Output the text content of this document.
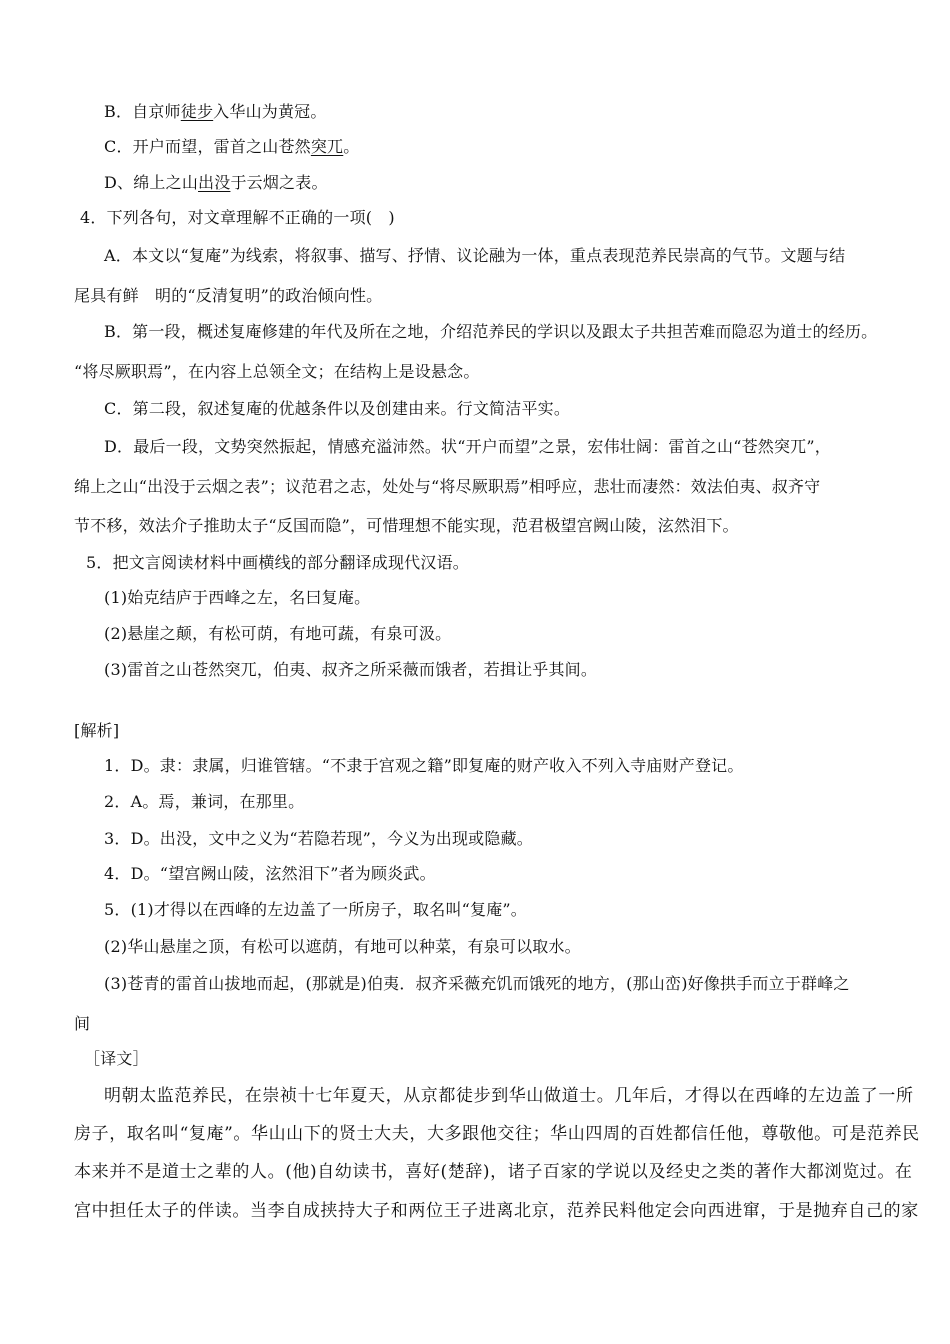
B．自京师徒步入华山为黄冠。
C．开户而望，雷首之山苍然突兀。
D、绵上之山出没于云烟之表。
4．下列各句，对文章理解不正确的一项(　)
A．本文以“复庵”为线索，将叙事、描写、抒情、议论融为一体，重点表现范养民崇高的气节。文题与结
尾具有鲜　明的“反清复明”的政治倾向性。
B．第一段，概述复庵修建的年代及所在之地，介绍范养民的学识以及跟太子共担苦难而隐忍为道士的经历。
“将尽厥职焉”，在内容上总领全文；在结构上是设悬念。
C．第二段，叙述复庵的优越条件以及创建由来。行文简洁平实。
D．最后一段，文势突然振起，情感充溢沛然。状“开户而望”之景，宏伟壮阔：雷首之山“苍然突兀”，
绵上之山“出没于云烟之表”；议范君之志，处处与“将尽厥职焉”相呼应，悲壮而凄然：效法伯夷、叔齐守
节不移，效法介子推助太子“反国而隐”，可惜理想不能实现，范君极望宫阙山陵，泫然泪下。
5．把文言阅读材料中画横线的部分翻译成现代汉语。
(1)始克结庐于西峰之左，名曰复庵。
(2)悬崖之颠，有松可荫，有地可蔬，有泉可汲。
(3)雷首之山苍然突兀，伯夷、叔齐之所采薇而饿者，若揖让乎其间。
[解析]
1．D。隶：隶属，归谁管辖。“不隶于宫观之籍”即复庵的财产收入不列入寺庙财产登记。
2．A。焉，兼词，在那里。
3．D。出没，文中之义为“若隐若现”，今义为出现或隐藏。
4．D。“望宫阙山陵，泫然泪下”者为顾炎武。
5．(1)才得以在西峰的左边盖了一所房子，取名叫“复庵”。
(2)华山悬崖之顶，有松可以遮荫，有地可以种菜，有泉可以取水。
(3)苍青的雷首山拔地而起，(那就是)伯夷．叔齐采薇充饥而饿死的地方，(那山峦)好像拱手而立于群峰之
间
［译文］
明朝太监范养民，在崇祯十七年夏天，从京都徒步到华山做道士。几年后，才得以在西峰的左边盖了一所
房子，取名叫“复庵”。华山山下的贤士大夫，大多跟他交往；华山四周的百姓都信任他，尊敬他。可是范养民
本来并不是道士之辈的人。(他)自幼读书，喜好(楚辞)，诸子百家的学说以及经史之类的著作大都浏览过。在
宫中担任太子的伴读。当李自成挟持大子和两位王子进离北京，范养民料他定会向西进窜，于是抛弃自己的家
